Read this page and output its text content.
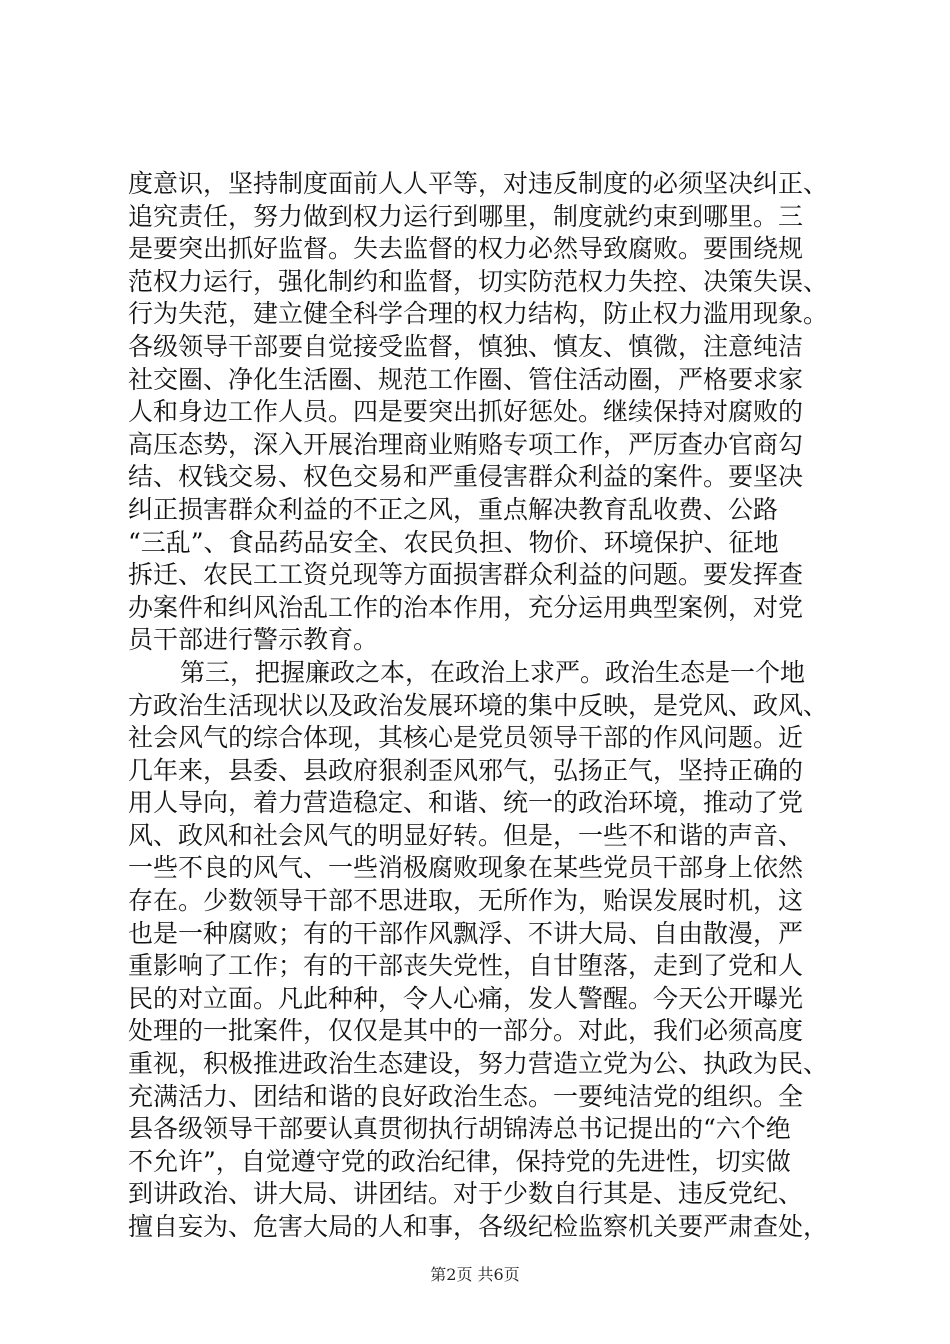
度意识，坚持制度面前人人平等，对违反制度的必须坚决纠正、
追究责任，努力做到权力运行到哪里，制度就约束到哪里。三
是要突出抓好监督。失去监督的权力必然导致腐败。要围绕规
范权力运行，强化制约和监督，切实防范权力失控、决策失误、
行为失范，建立健全科学合理的权力结构，防止权力滥用现象。
各级领导干部要自觉接受监督，慎独、慎友、慎微，注意纯洁
社交圈、净化生活圈、规范工作圈、管住活动圈，严格要求家
人和身边工作人员。四是要突出抓好惩处。继续保持对腐败的
高压态势，深入开展治理商业贿赂专项工作，严厉查办官商勾
结、权钱交易、权色交易和严重侵害群众利益的案件。要坚决
纠正损害群众利益的不正之风，重点解决教育乱收费、公路
“三乱”、食品药品安全、农民负担、物价、环境保护、征地
拆迁、农民工工资兑现等方面损害群众利益的问题。要发挥查
办案件和纠风治乱工作的治本作用，充分运用典型案例，对党
员干部进行警示教育。
第三，把握廉政之本，在政治上求严。政治生态是一个地
方政治生活现状以及政治发展环境的集中反映，是党风、政风、
社会风气的综合体现，其核心是党员领导干部的作风问题。近
几年来，县委、县政府狠刹歪风邪气，弘扬正气，坚持正确的
用人导向，着力营造稳定、和谐、统一的政治环境，推动了党
风、政风和社会风气的明显好转。但是，一些不和谐的声音、
一些不良的风气、一些消极腐败现象在某些党员干部身上依然
存在。少数领导干部不思进取，无所作为，贻误发展时机，这
也是一种腐败；有的干部作风飘浮、不讲大局、自由散漫，严
重影响了工作；有的干部丧失党性，自甘堕落，走到了党和人
民的对立面。凡此种种，令人心痛，发人警醒。今天公开曝光
处理的一批案件，仅仅是其中的一部分。对此，我们必须高度
重视，积极推进政治生态建设，努力营造立党为公、执政为民、
充满活力、团结和谐的良好政治生态。一要纯洁党的组织。全
县各级领导干部要认真贯彻执行胡锦涛总书记提出的“六个绝
不允许”，自觉遵守党的政治纪律，保持党的先进性，切实做
到讲政治、讲大局、讲团结。对于少数自行其是、违反党纪、
擅自妄为、危害大局的人和事，各级纪检监察机关要严肃查处，
第2页 共6页
